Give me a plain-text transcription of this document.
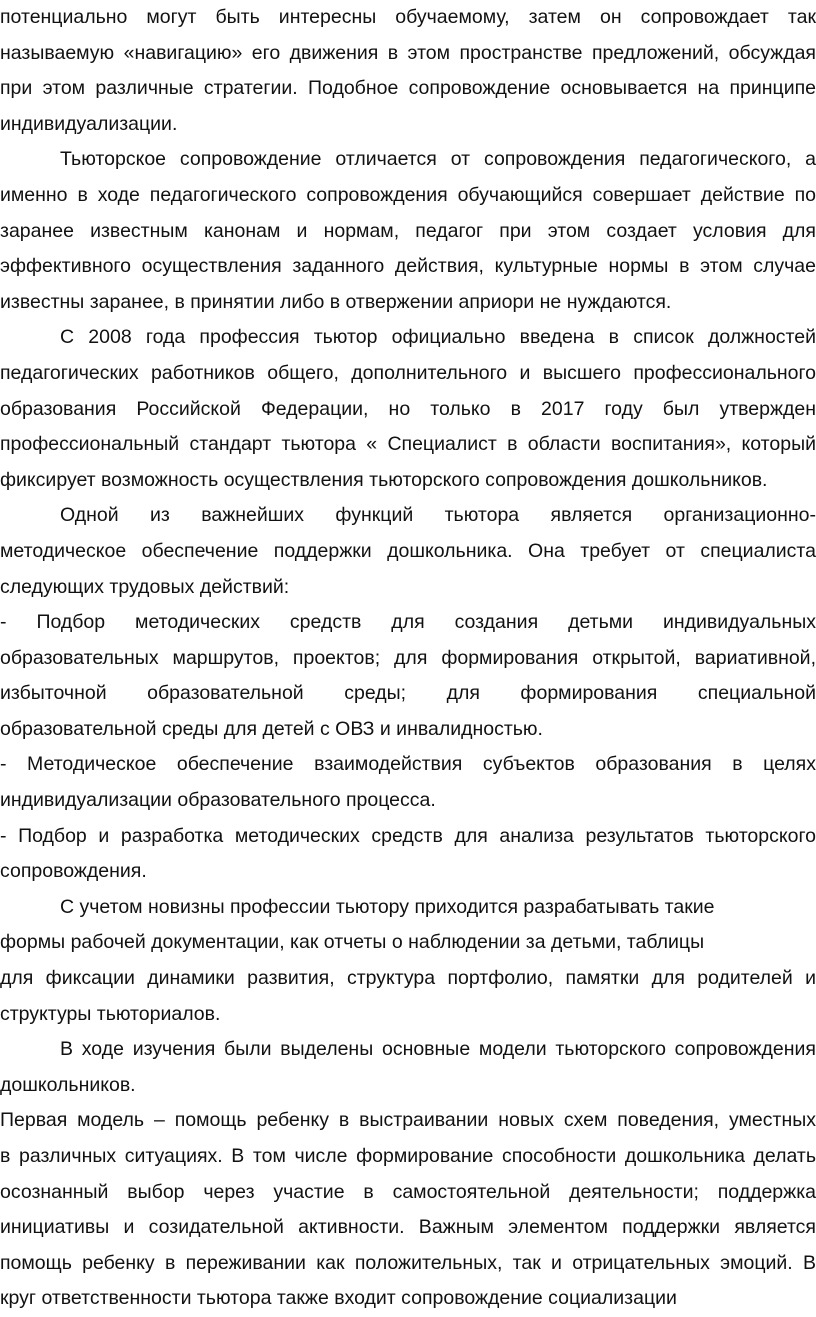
потенциально могут быть интересны обучаемому, затем он сопровождает так
называемую «навигацию» его движения в этом пространстве предложений, обсуждая
при этом различные стратегии. Подобное сопровождение основывается на принципе
индивидуализации.
Тьюторское сопровождение отличается от сопровождения педагогического, а
именно в ходе педагогического сопровождения обучающийся совершает действие по
заранее известным канонам и нормам, педагог при этом создает условия для
эффективного осуществления заданного действия, культурные нормы в этом случае
известны заранее, в принятии либо в отвержении априори не нуждаются.
С 2008 года профессия тьютор официально введена в список должностей
педагогических работников общего, дополнительного и высшего профессионального
образования Российской Федерации, но только в 2017 году был утвержден
профессиональный стандарт тьютора « Специалист в области воспитания», который
фиксирует возможность осуществления тьюторского сопровождения дошкольников.
Одной из важнейших функций тьютора является организационно-
методическое обеспечение поддержки дошкольника. Она требует от специалиста
следующих трудовых действий:
- Подбор методических средств для создания детьми индивидуальных
образовательных маршрутов, проектов; для формирования открытой, вариативной,
избыточной образовательной среды; для формирования специальной
образовательной среды для детей с ОВЗ и инвалидностью.
- Методическое обеспечение взаимодействия субъектов образования в целях
индивидуализации образовательного процесса.
- Подбор и разработка методических средств для анализа результатов тьюторского
сопровождения.
С учетом новизны профессии тьютору приходится разрабатывать такие
формы рабочей документации, как отчеты о наблюдении за детьми, таблицы
для фиксации динамики развития, структура портфолио, памятки для родителей и
структуры тьюториалов.
В ходе изучения были выделены основные модели тьюторского сопровождения
дошкольников.
Первая модель – помощь ребенку в выстраивании новых схем поведения, уместных
в различных ситуациях. В том числе формирование способности дошкольника делать
осознанный выбор через участие в самостоятельной деятельности; поддержка
инициативы и созидательной активности. Важным элементом поддержки является
помощь ребенку в переживании как положительных, так и отрицательных эмоций. В
круг ответственности тьютора также входит сопровождение социализации
